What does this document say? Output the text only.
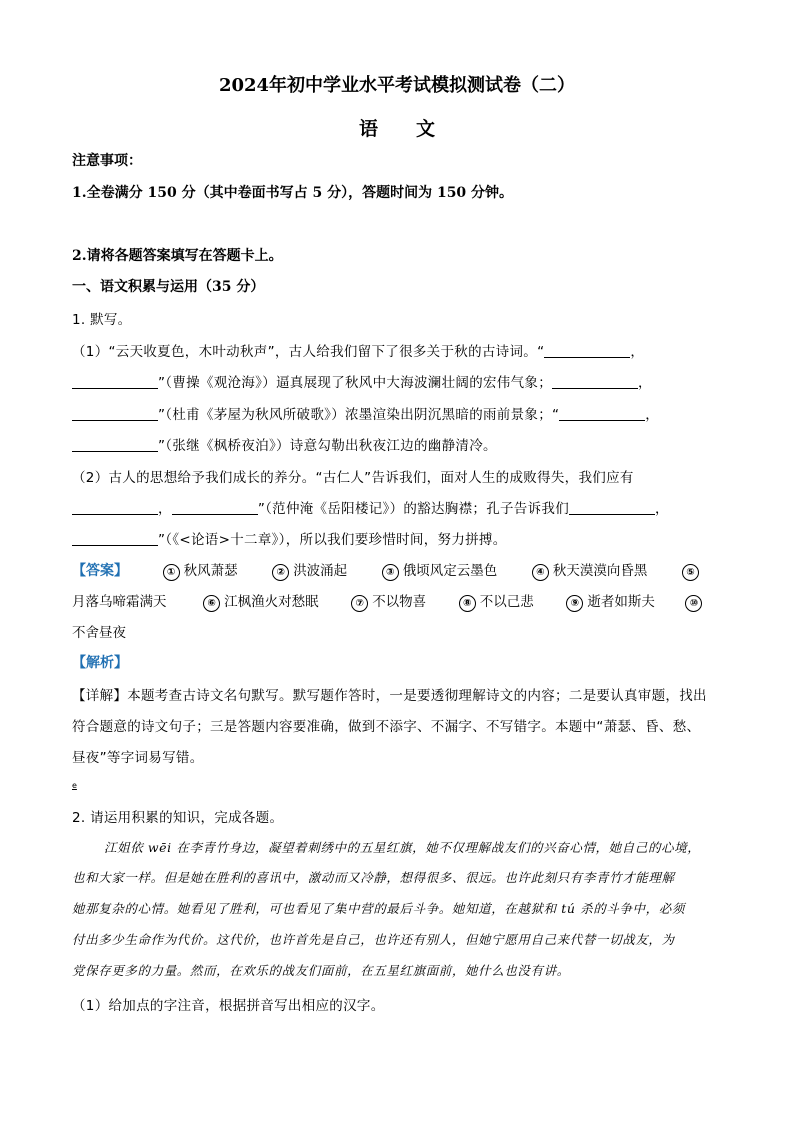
2024年初中学业水平考试模拟测试卷（二）
语　　文
注意事项：
1.全卷满分 150 分（其中卷面书写占 5 分），答题时间为 150 分钟。
2.请将各题答案填写在答题卡上。
一、语文积累与运用（35 分）
1. 默写。
（1）“云天收夏色，木叶动秋声”，古人给我们留下了很多关于秋的古诗词。“	，
”（曹操《观沧海》）逼真展现了秋风中大海波澜壮阔的宏伟气象；	，
”（杜甫《茅屋为秋风所破歌》）浓墨渲染出阴沉黑暗的雨前景象；“	，
”（张继《枫桥夜泊》）诗意勾勒出秋夜江边的幽静清冷。
（2）古人的思想给予我们成长的养分。“古仁人”告诉我们，面对人生的成败得失，我们应有
，	”（范仲淹《岳阳楼记》）的豁达胸襟；孔子告诉我们	，
”（《<论语>十二章》），所以我们要珍惜时间，努力拼搏。
【答案】	① 秋风萧瑟	② 洪波涌起	③ 俄顷风定云墨色	④ 秋天漠漠向昏黑	⑤
月落乌啼霜满天	⑥ 江枫渔火对愁眠	⑦ 不以物喜	⑧ 不以己悲	⑨ 逝者如斯夫	⑩
不舍昼夜
【解析】
【详解】本题考查古诗文名句默写。默写题作答时，一是要透彻理解诗文的内容；二是要认真审题，找出
符合题意的诗文句子；三是答题内容要准确，做到不添字、不漏字、不写错字。本题中“萧瑟、昏、愁、
昼夜”等字词易写错。
e
2. 请运用积累的知识，完成各题。
江姐依 wēi 在李青竹身边，凝望着刺绣中的五星红旗，她不仅理解战友们的兴奋心情，她自己的心境，
也和大家一样。但是她在胜利的喜讯中，激动而又冷静，想得很多、很远。也许此刻只有李青竹才能理解
她那复杂的心情。她看见了胜利，可也看见了集中营的最后斗争。她知道，在越狱和 tú 杀的斗争中，必须
付出多少生命作为代价。这代价，也许首先是自己，也许还有别人，但她宁愿用自己来代替一切战友，为
党保存更多的力量。然而，在欢乐的战友们面前，在五星红旗面前，她什么也没有讲。
（1）给加点的字注音，根据拼音写出相应的汉字。
